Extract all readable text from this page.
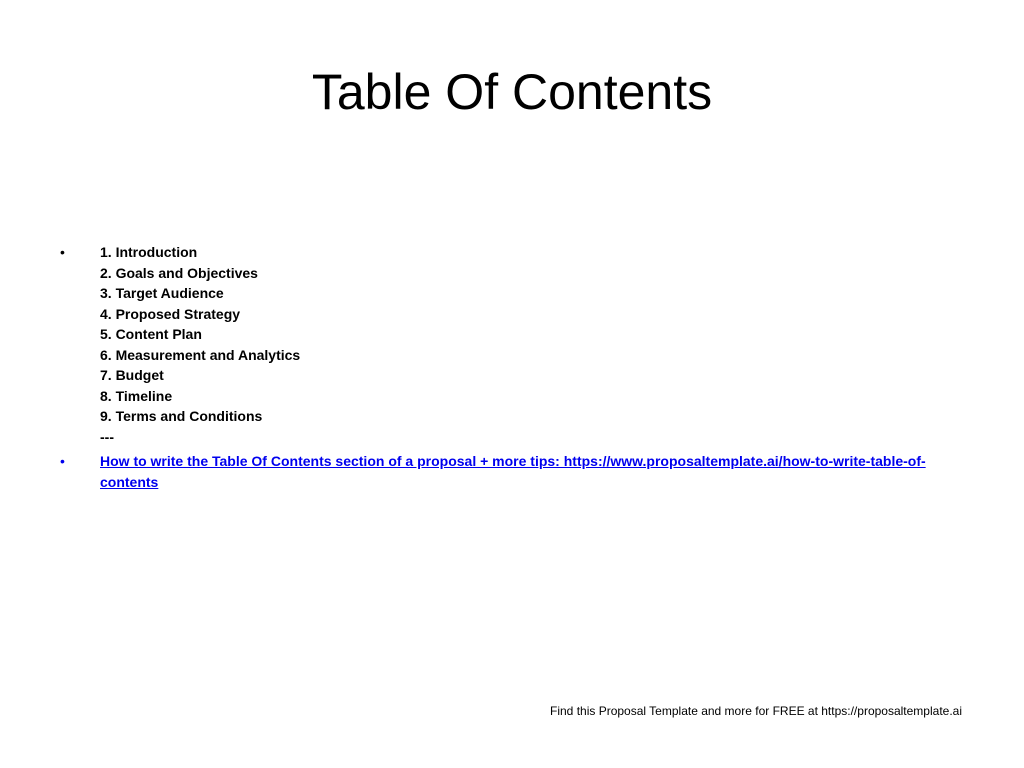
Table Of Contents
•	1. Introduction
2. Goals and Objectives
3. Target Audience
4. Proposed Strategy
5. Content Plan
6. Measurement and Analytics
7. Budget
8. Timeline
9. Terms and Conditions
---
•	How to write the Table Of Contents section of a proposal + more tips: https://www.proposaltemplate.ai/how-to-write-table-of-contents
Find this Proposal Template and more for FREE at https://proposaltemplate.ai
